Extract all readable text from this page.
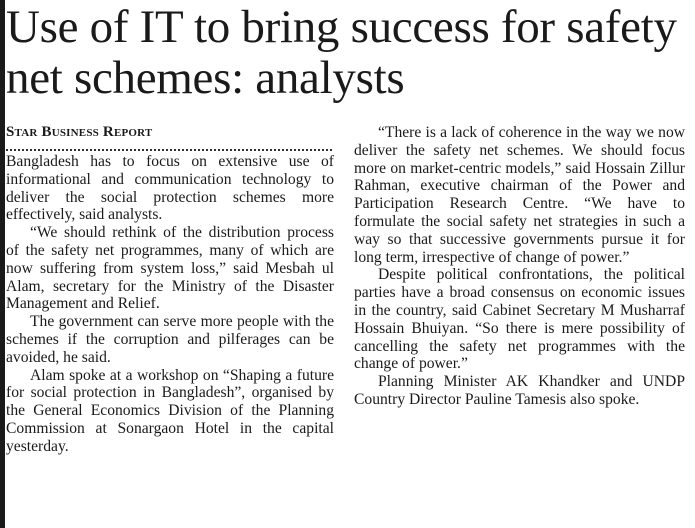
Use of IT to bring success for safety net schemes: analysts

Star Business Report

Bangladesh has to focus on extensive use of informational and communication technology to deliver the social protection schemes more effectively, said analysts.

“We should rethink of the distribution process of the safety net programmes, many of which are now suffering from system loss,” said Mesbah ul Alam, secretary for the Ministry of the Disaster Management and Relief.

The government can serve more people with the schemes if the corruption and pilferages can be avoided, he said.

Alam spoke at a workshop on “Shaping a future for social protection in Bangladesh”, organised by the General Economics Division of the Planning Commission at Sonargaon Hotel in the capital yesterday.

“There is a lack of coherence in the way we now deliver the safety net schemes. We should focus more on market-centric models,” said Hossain Zillur Rahman, executive chairman of the Power and Participation Research Centre. “We have to formulate the social safety net strategies in such a way so that successive governments pursue it for long term, irrespective of change of power.”

Despite political confrontations, the political parties have a broad consensus on economic issues in the country, said Cabinet Secretary M Musharraf Hossain Bhuiyan. “So there is mere possibility of cancelling the safety net programmes with the change of power.”

Planning Minister AK Khandker and UNDP Country Director Pauline Tamesis also spoke.
